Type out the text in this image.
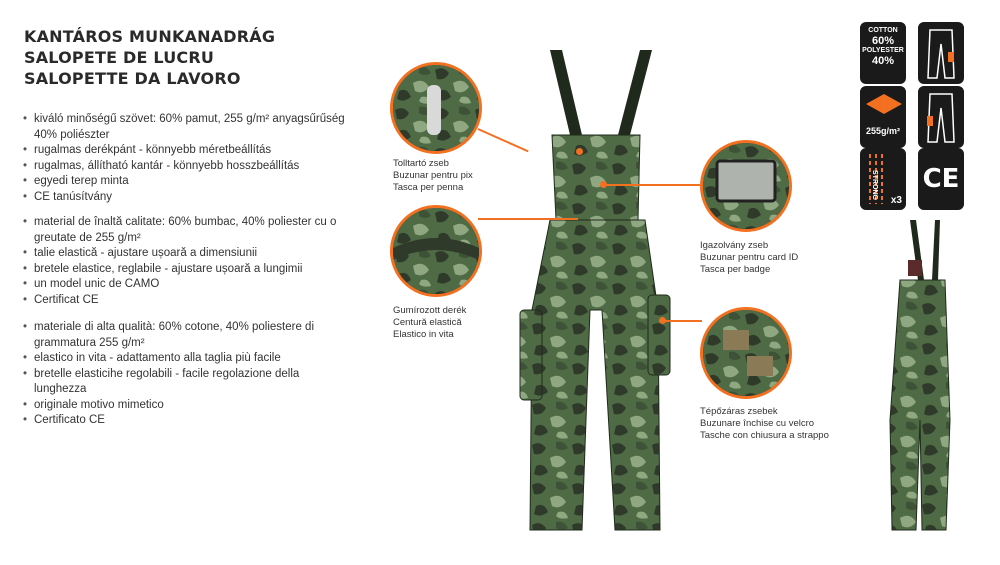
KANTÁROS MUNKANADRÁG
SALOPETE DE LUCRU
SALOPETTE DA LAVORO
• kiváló minőségű szövet: 60% pamut, 255 g/m² anyagsűrűség 40% poliészter
• rugalmas derékpánt - könnyebb méretbeállítás
• rugalmas, állítható kantár - könnyebb hosszbeállítás
• egyedi terep minta
• CE tanúsítvány
• material de înaltă calitate: 60% bumbac, 40% poliester cu o greutate de 255 g/m²
• talie elastică - ajustare ușoară a dimensiunii
• bretele elastice, reglabile - ajustare ușoară a lungimii
• un model unic de CAMO
• Certificat CE
• materiale di alta qualità: 60% cotone, 40% poliestere di grammatura 255 g/m²
• elastico in vita - adattamento alla taglia più facile
• bretelle elasticihe regolabili - facile regolazione della lunghezza
• originale motivo mimetico
• Certificato CE
Tolltartó zseb
Buzunar pentru pix
Tasca per penna
Gumírozott derék
Centură elastică
Elastico in vita
Igazolvány zseb
Buzunar pentru card ID
Tasca per badge
Tépőzáras zsebek
Buzunare închise cu velcro
Tasche con chiusura a strappo
COTTON
60%
POLYESTER
40%
255g/m²
STRONG
x3
CE
